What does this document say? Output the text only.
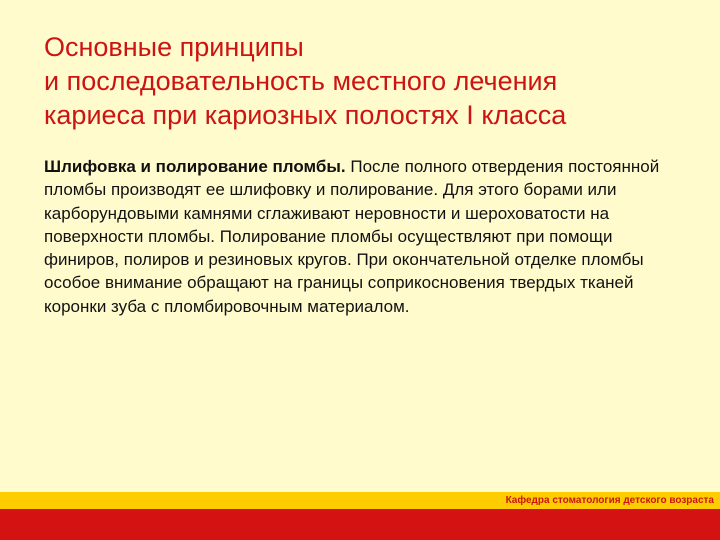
Основные принципы
и последовательность местного лечения
кариеса при кариозных полостях I класса

Шлифовка и полирование пломбы. После полного отвердения постоянной пломбы производят ее шлифовку и полирование. Для этого борами или карборундовыми камнями сглаживают неровности и шероховатости на поверхности пломбы. Полирование пломбы осуществляют при помощи финиров, полиров и резиновых кругов. При окончательной отделке пломбы особое внимание обращают на границы соприкосновения твердых тканей коронки зуба с пломбировочным материалом.

Кафедра стоматология детского возраста
